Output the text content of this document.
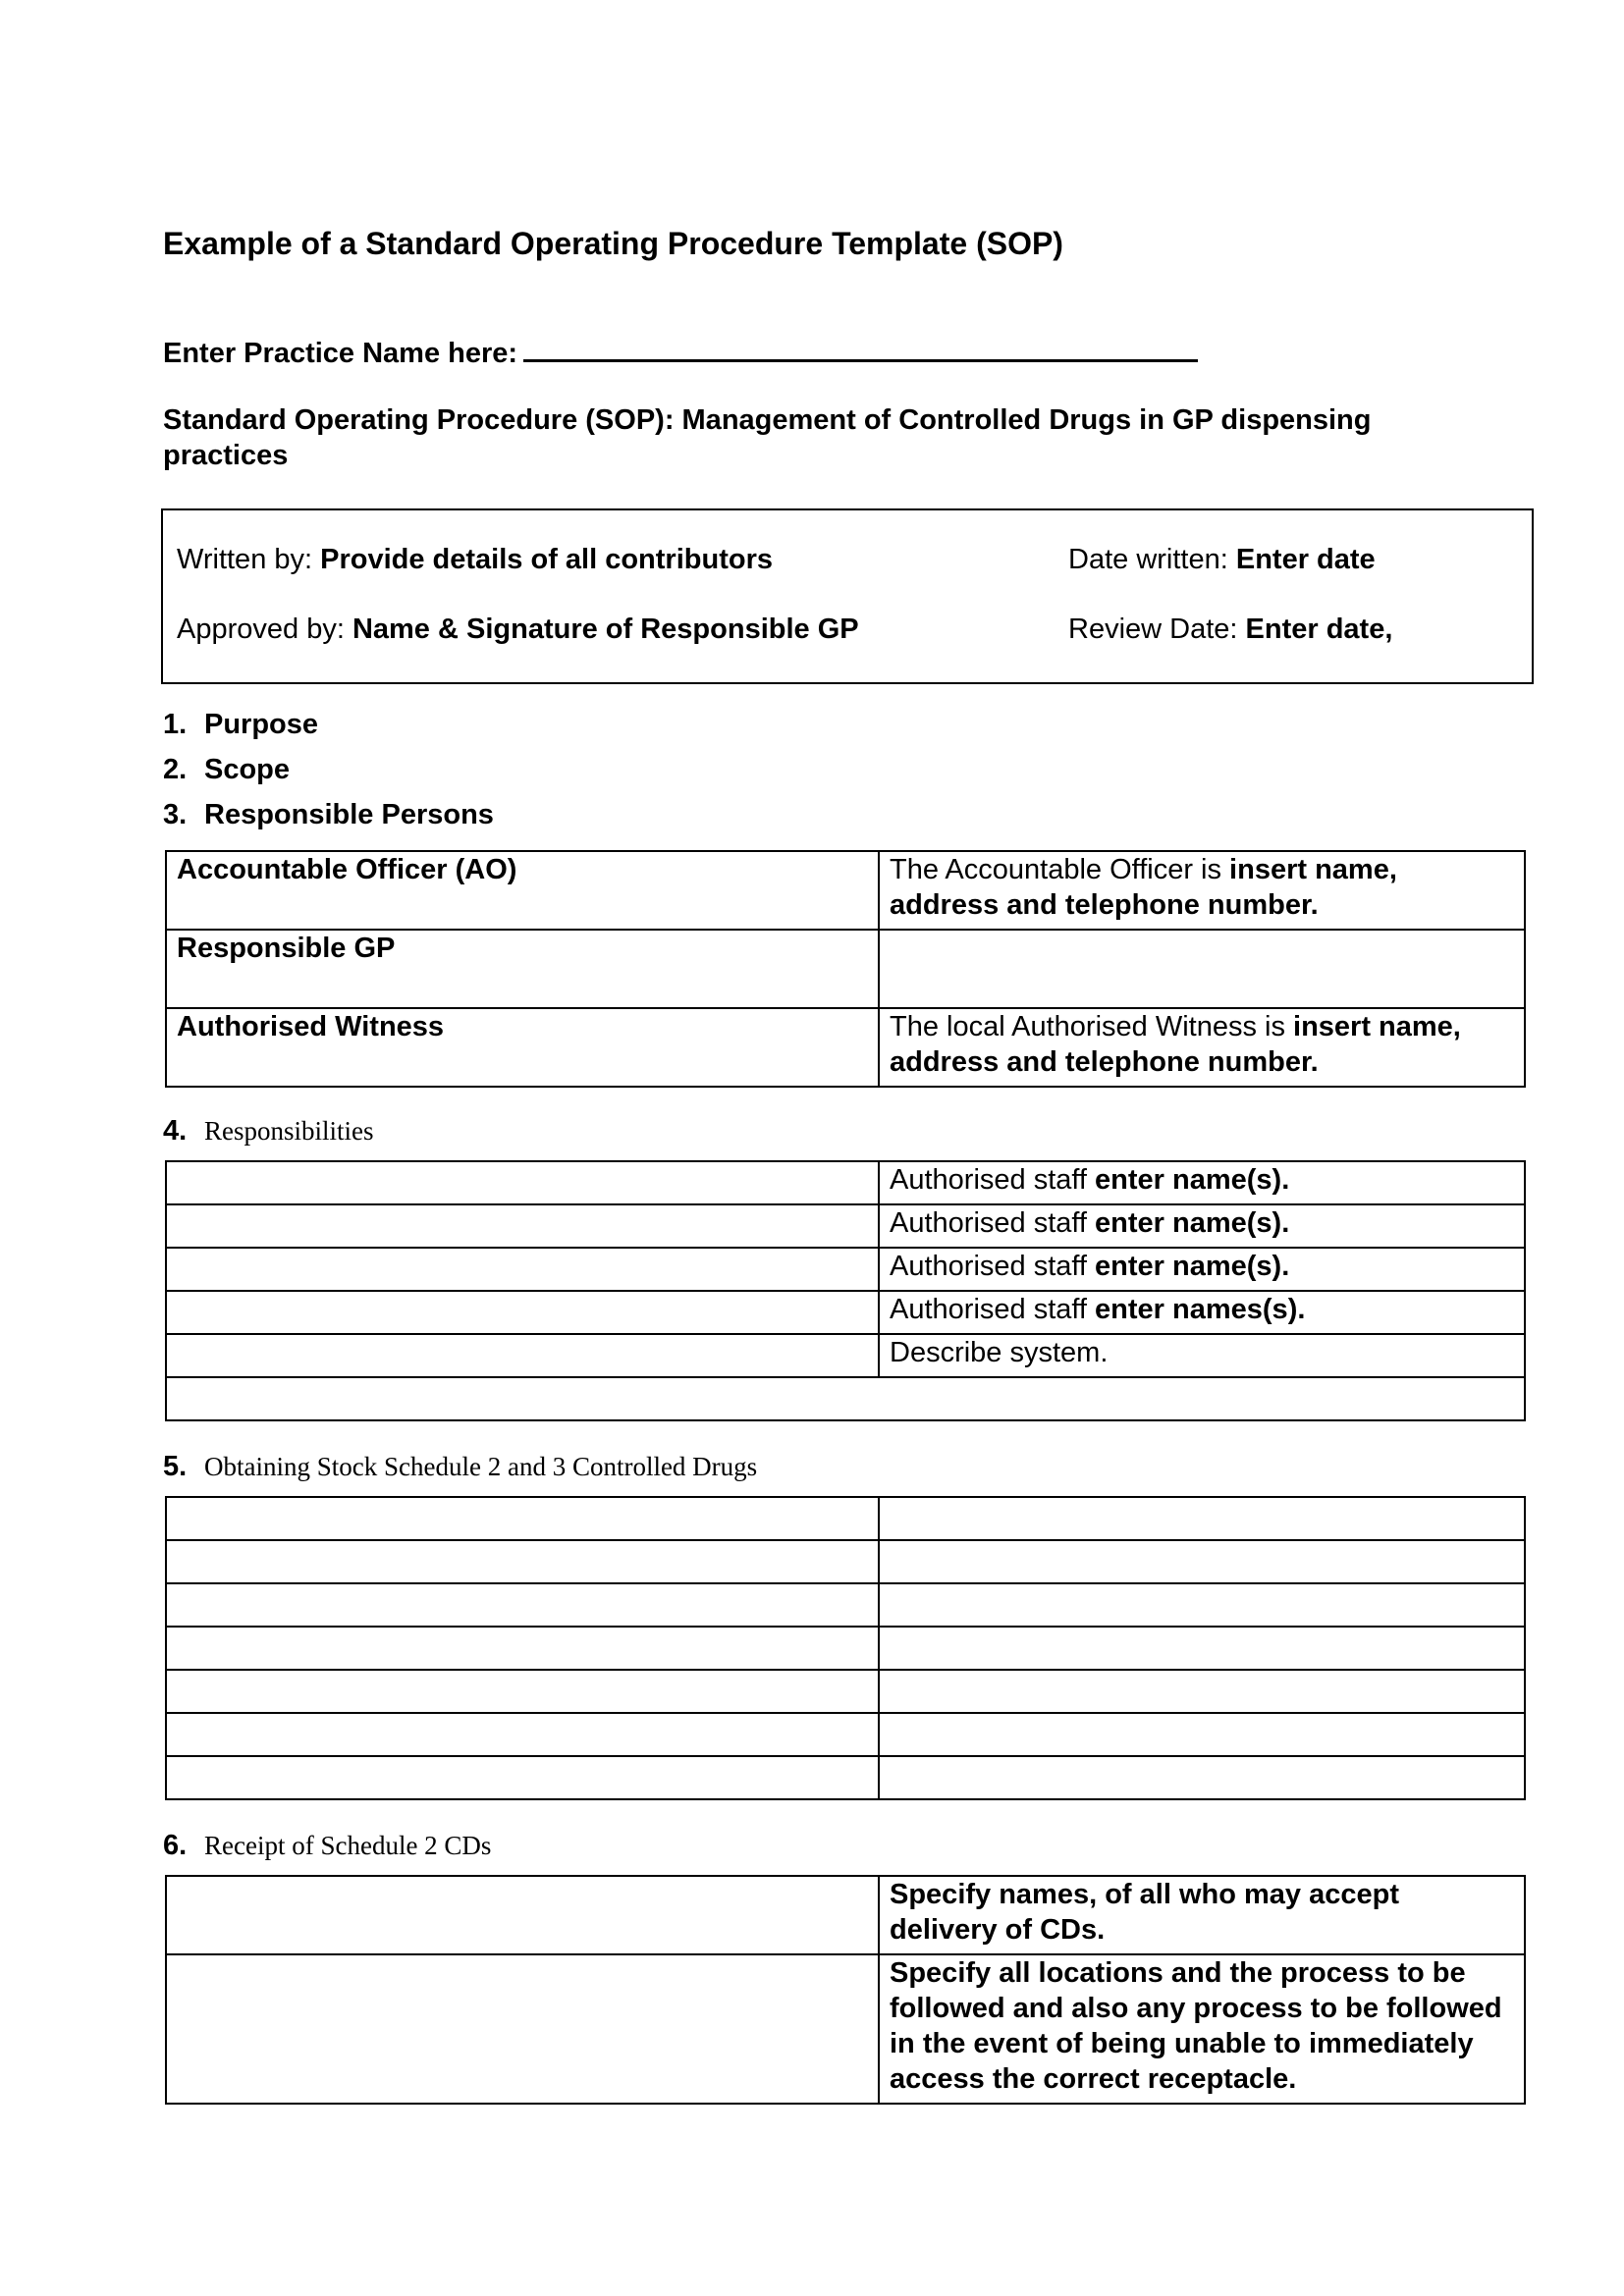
Example of a Standard Operating Procedure Template (SOP)
Enter Practice Name here:
Standard Operating Procedure (SOP): Management of Controlled Drugs in GP dispensing practices
Written by: Provide details of all contributors	Date written: Enter date
Approved by: Name & Signature of Responsible GP	Review Date: Enter date,
1. Purpose
2. Scope
3. Responsible Persons
Accountable Officer (AO)	The Accountable Officer is insert name, address and telephone number.
Responsible GP	
Authorised Witness	The local Authorised Witness is insert name, address and telephone number.
4. Responsibilities
	Authorised staff enter name(s).
	Authorised staff enter name(s).
	Authorised staff enter name(s).
	Authorised staff enter names(s).
	Describe system.

5. Obtaining Stock Schedule 2 and 3 Controlled Drugs

6. Receipt of Schedule 2 CDs
	Specify names, of all who may accept delivery of CDs.
	Specify all locations and the process to be followed and also any process to be followed in the event of being unable to immediately access the correct receptacle.
